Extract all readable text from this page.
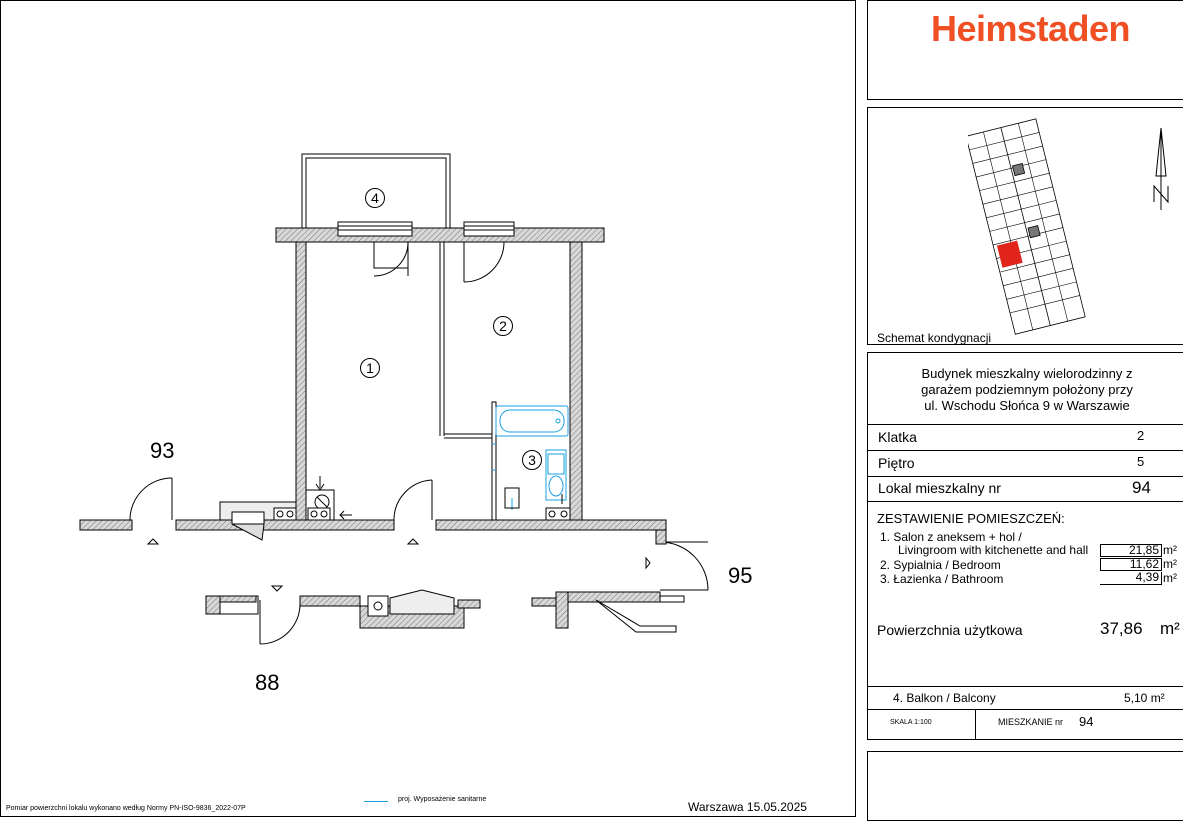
4
1
2
3
93
95
88
Pomiar powierzchni lokalu wykonano według Normy PN-ISO-9836_2022-07P
proj. Wyposażenie sanitarne
Warszawa 15.05.2025
Heimstaden
Schemat kondygnacji
Budynek mieszkalny wielorodzinny z
garażem podziemnym położony przy
ul. Wschodu Słońca 9 w Warszawie
Klatka	2
Piętro	5
Lokal mieszkalny nr	94
ZESTAWIENIE POMIESZCZEŃ:
1. Salon z aneksem + hol /
Livingroom with kitchenette and hall	21,85 m²
2. Sypialnia / Bedroom	11,62 m²
3. Łazienka / Bathroom	4,39 m²
Powierzchnia użytkowa	37,86 m²
4. Balkon / Balcony	5,10 m²
SKALA 1:100	MIESZKANIE nr 94
